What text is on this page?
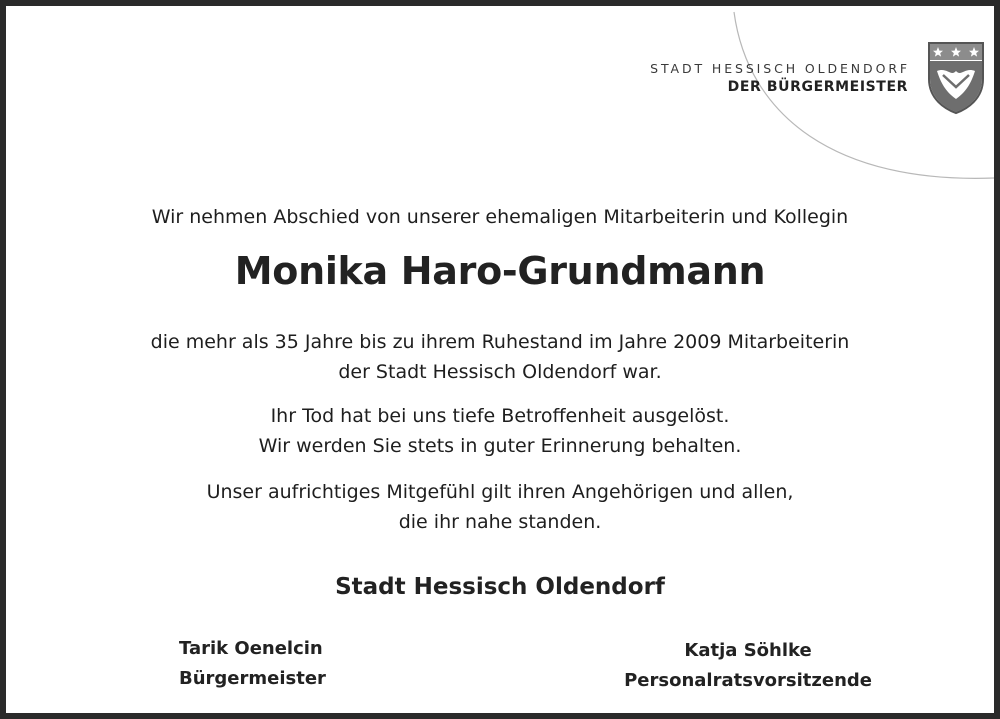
STADT HESSISCH OLDENDORF
DER BÜRGERMEISTER
Wir nehmen Abschied von unserer ehemaligen Mitarbeiterin und Kollegin
Monika Haro-Grundmann
die mehr als 35 Jahre bis zu ihrem Ruhestand im Jahre 2009 Mitarbeiterin
der Stadt Hessisch Oldendorf war.
Ihr Tod hat bei uns tiefe Betroffenheit ausgelöst.
Wir werden Sie stets in guter Erinnerung behalten.
Unser aufrichtiges Mitgefühl gilt ihren Angehörigen und allen,
die ihr nahe standen.
Stadt Hessisch Oldendorf
Tarik Oenelcin
Bürgermeister
Katja Söhlke
Personalratsvorsitzende
